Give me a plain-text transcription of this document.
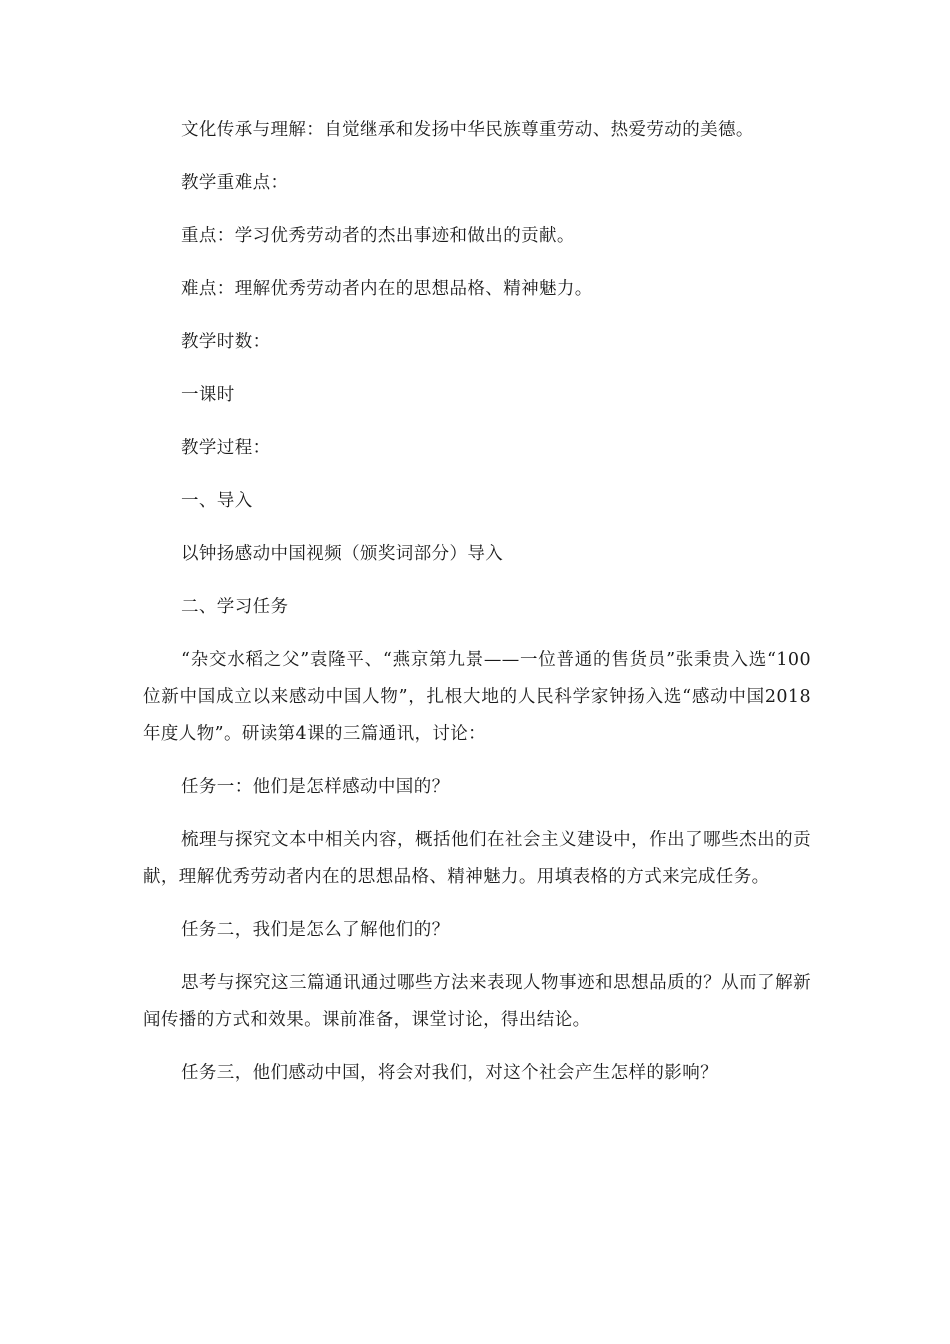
文化传承与理解：自觉继承和发扬中华民族尊重劳动、热爱劳动的美德。

教学重难点：

重点：学习优秀劳动者的杰出事迹和做出的贡献。

难点：理解优秀劳动者内在的思想品格、精神魅力。

教学时数：

一课时

教学过程：

一、导入

以钟扬感动中国视频（颁奖词部分）导入

二、学习任务

“杂交水稻之父”袁隆平、“燕京第九景——一位普通的售货员”张秉贵入选“100位新中国成立以来感动中国人物”，扎根大地的人民科学家钟扬入选“感动中国2018年度人物”。研读第4课的三篇通讯，讨论：

任务一：他们是怎样感动中国的？

梳理与探究文本中相关内容，概括他们在社会主义建设中，作出了哪些杰出的贡献，理解优秀劳动者内在的思想品格、精神魅力。用填表格的方式来完成任务。

任务二，我们是怎么了解他们的？

思考与探究这三篇通讯通过哪些方法来表现人物事迹和思想品质的？从而了解新闻传播的方式和效果。课前准备，课堂讨论，得出结论。

任务三，他们感动中国，将会对我们，对这个社会产生怎样的影响？
